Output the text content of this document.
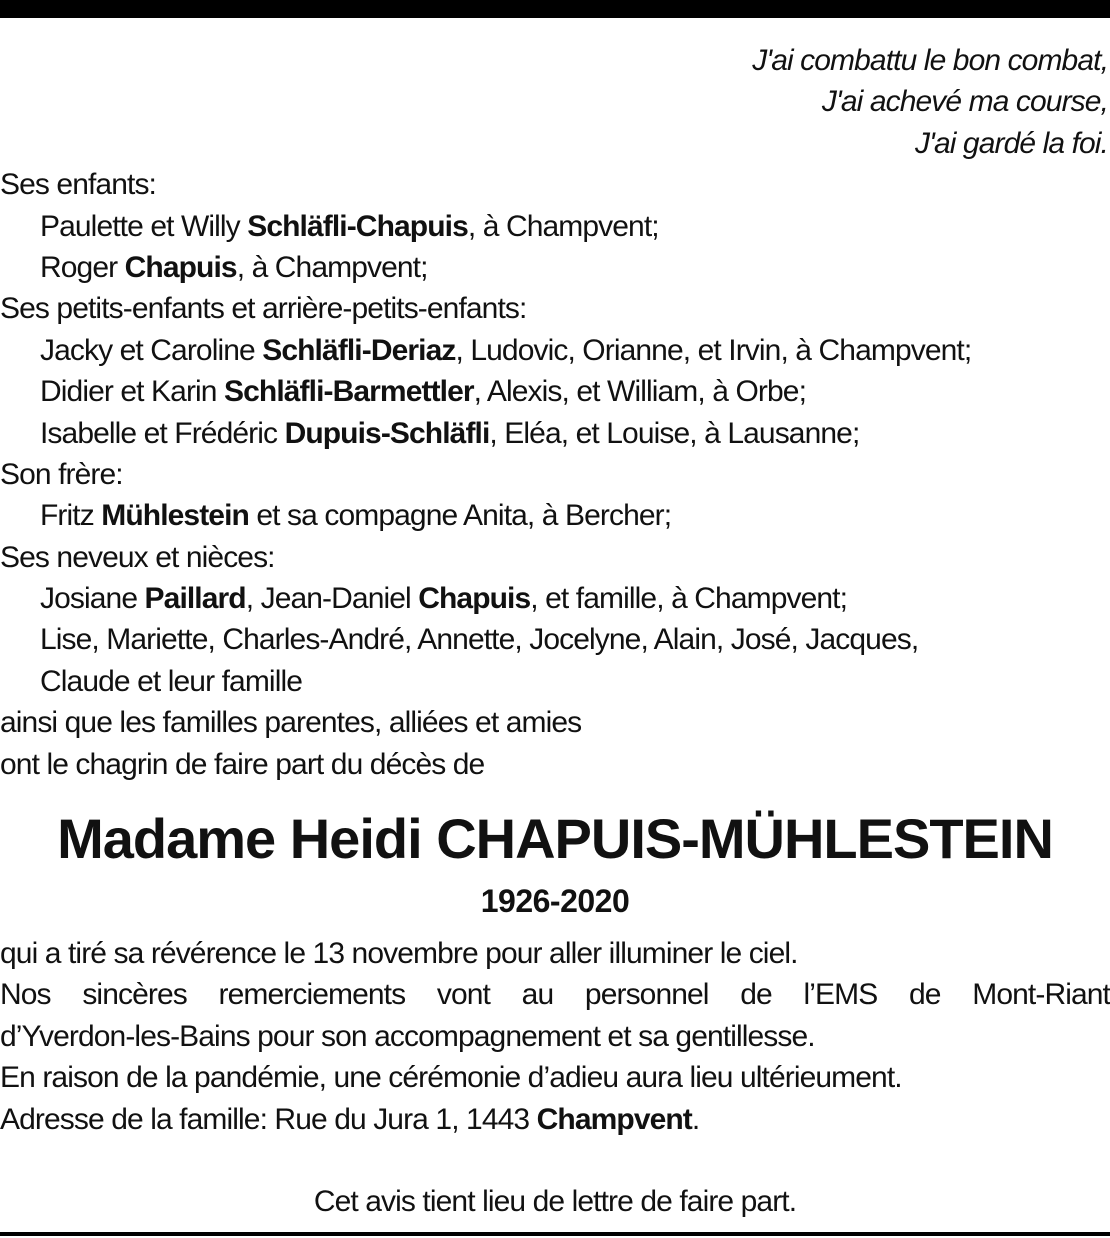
J'ai combattu le bon combat,
J'ai achevé ma course,
J'ai gardé la foi.
Ses enfants:
Paulette et Willy Schläfli-Chapuis, à Champvent;
Roger Chapuis, à Champvent;
Ses petits-enfants et arrière-petits-enfants:
Jacky et Caroline Schläfli-Deriaz, Ludovic, Orianne, et Irvin, à Champvent;
Didier et Karin Schläfli-Barmettler, Alexis, et William, à Orbe;
Isabelle et Frédéric Dupuis-Schläfli, Eléa, et Louise, à Lausanne;
Son frère:
Fritz Mühlestein et sa compagne Anita, à Bercher;
Ses neveux et nièces:
Josiane Paillard, Jean-Daniel Chapuis, et famille, à Champvent;
Lise, Mariette, Charles-André, Annette, Jocelyne, Alain, José, Jacques,
Claude et leur famille
ainsi que les familles parentes, alliées et amies
ont le chagrin de faire part du décès de
Madame Heidi CHAPUIS-MÜHLESTEIN
1926-2020
qui a tiré sa révérence le 13 novembre pour aller illuminer le ciel.
Nos sincères remerciements vont au personnel de l’EMS de Mont-Riant
d’Yverdon-les-Bains pour son accompagnement et sa gentillesse.
En raison de la pandémie, une cérémonie d’adieu aura lieu ultérieument.
Adresse de la famille: Rue du Jura 1, 1443 Champvent.
Cet avis tient lieu de lettre de faire part.
